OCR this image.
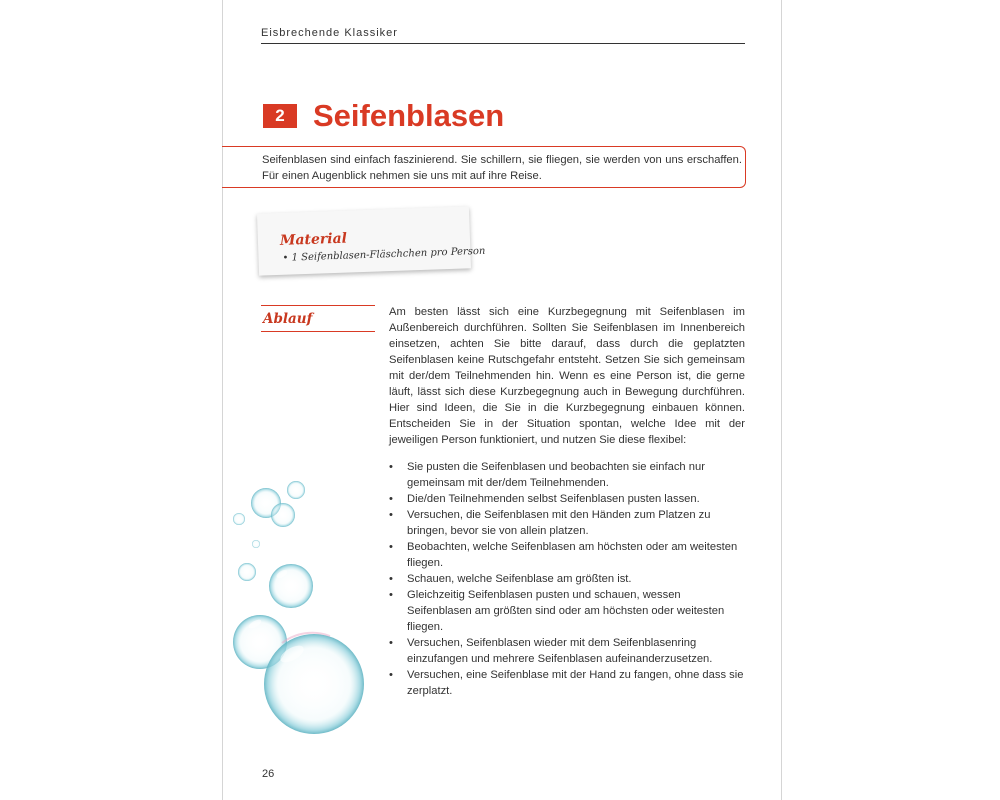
Eisbrechende Klassiker
2 Seifenblasen
Seifenblasen sind einfach faszinierend. Sie schillern, sie fliegen, sie werden von uns erschaffen. Für einen Augenblick nehmen sie uns mit auf ihre Reise.
Material
• 1 Seifenblasen-Fläschchen pro Person
Ablauf	Am besten lässt sich eine Kurzbegegnung mit Seifenblasen im Außenbereich durchführen. Sollten Sie Seifenblasen im Innenbereich einsetzen, achten Sie bitte darauf, dass durch die geplatzten Seifenblasen keine Rutschgefahr entsteht. Setzen Sie sich gemeinsam mit der/dem Teilnehmenden hin. Wenn es eine Person ist, die gerne läuft, lässt sich diese Kurzbegegnung auch in Bewegung durchführen. Hier sind Ideen, die Sie in die Kurzbegegnung einbauen können. Entscheiden Sie in der Situation spontan, welche Idee mit der jeweiligen Person funktioniert, und nutzen Sie diese flexibel:
• Sie pusten die Seifenblasen und beobachten sie einfach nur gemeinsam mit der/dem Teilnehmenden.
• Die/den Teilnehmenden selbst Seifenblasen pusten lassen.
• Versuchen, die Seifenblasen mit den Händen zum Platzen zu bringen, bevor sie von allein platzen.
• Beobachten, welche Seifenblasen am höchsten oder am weitesten fliegen.
• Schauen, welche Seifenblase am größten ist.
• Gleichzeitig Seifenblasen pusten und schauen, wessen Seifenblasen am größten sind oder am höchsten oder weitesten fliegen.
• Versuchen, Seifenblasen wieder mit dem Seifenblasenring einzufangen und mehrere Seifenblasen aufeinanderzusetzen.
• Versuchen, eine Seifenblase mit der Hand zu fangen, ohne dass sie zerplatzt.
26
